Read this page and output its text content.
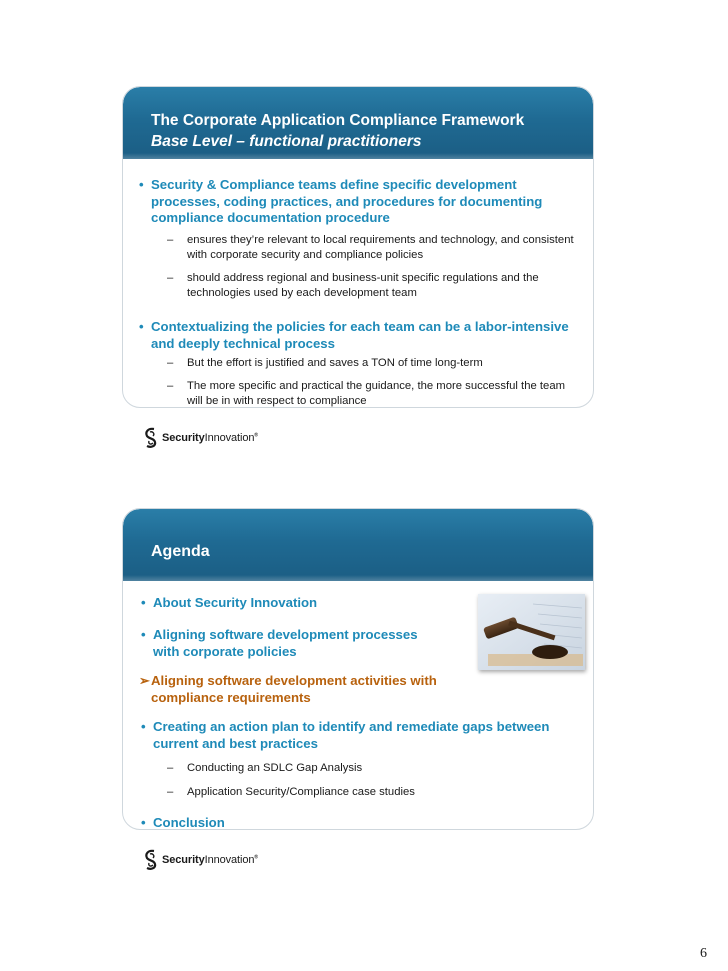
The Corporate Application Compliance Framework
Base Level – functional practitioners
• Security & Compliance teams define specific development processes, coding practices, and procedures for documenting compliance documentation procedure
–	ensures they’re relevant to local requirements and technology, and consistent with corporate security and compliance policies
–	should address regional and business-unit specific regulations and the technologies used by each development team
• Contextualizing the policies for each team can be a labor-intensive and deeply technical process
–	But the effort is justified and saves a TON of time long-term
–	The more specific and practical the guidance, the more successful the team will be in with respect to compliance
SecurityInnovation®
Agenda
• About Security Innovation
• Aligning software development processes with corporate policies
➢ Aligning software development activities with compliance requirements
• Creating an action plan to identify and remediate gaps between current and best practices
–	Conducting an SDLC Gap Analysis
–	Application Security/Compliance case studies
• Conclusion
SecurityInnovation®
6
